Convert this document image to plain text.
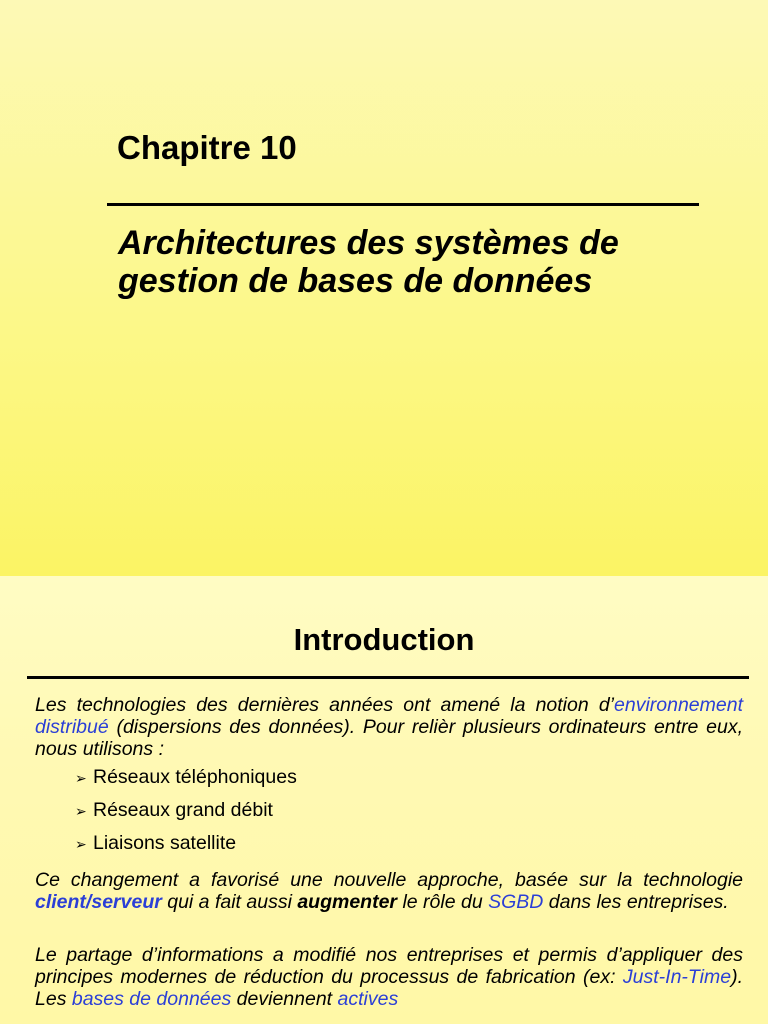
Chapitre 10
Architectures des systèmes de gestion de bases de données
Introduction
Les technologies des dernières années ont amené la notion d’environnement distribué (dispersions des données). Pour relièr plusieurs ordinateurs entre eux, nous utilisons :
➢ Réseaux téléphoniques
➢ Réseaux grand débit
➢ Liaisons satellite
Ce changement a favorisé une nouvelle approche, basée sur la technologie client/serveur qui a fait aussi augmenter le rôle du SGBD dans les entreprises.
Le partage d’informations a modifié nos entreprises et permis d’appliquer des principes modernes de réduction du processus de fabrication (ex: Just-In-Time). Les bases de données deviennent actives
